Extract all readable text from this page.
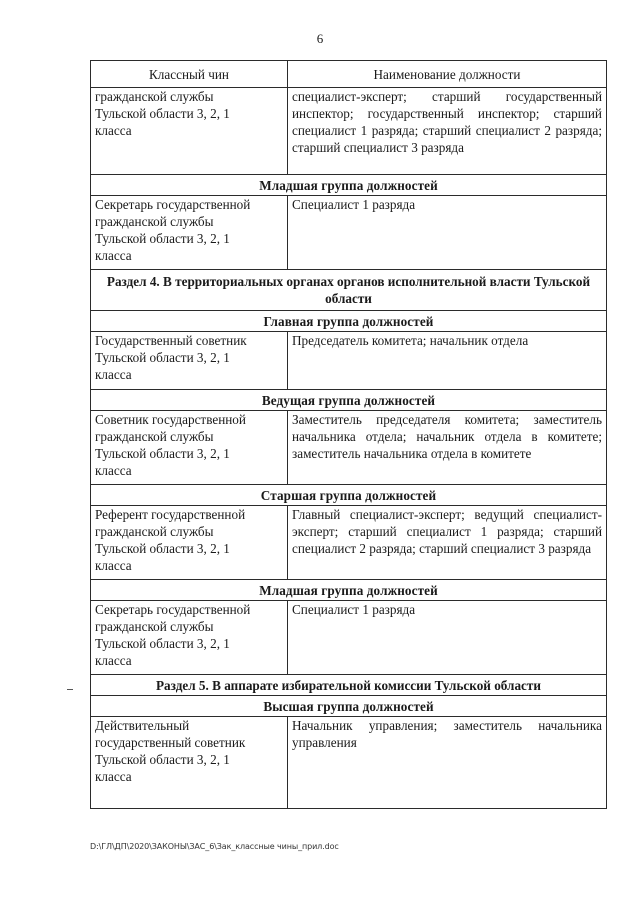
6
Классный чин	Наименование должности

гражданской службы
Тульской области 3, 2, 1
класса	специалист-эксперт; старший государственный инспектор; государственный инспектор; старший специалист 1 разряда; старший специалист 2 разряда; старший специалист 3 разряда
Младшая группа должностей	

Секретарь государственной
гражданской службы
Тульской области 3, 2, 1
класса	Специалист 1 разряда
Раздел 4. В территориальных органах органов исполнительной власти Тульской области	
Главная группа должностей	

Государственный советник
Тульской области 3, 2, 1
класса	Председатель комитета; начальник отдела
Ведущая группа должностей	

Советник государственной
гражданской службы
Тульской области 3, 2, 1
класса	Заместитель председателя комитета; заместитель начальника отдела; начальник отдела в комитете; заместитель начальника отдела в комитете
Старшая группа должностей	

Референт государственной
гражданской службы
Тульской области 3, 2, 1
класса	Главный специалист-эксперт; ведущий специалист-эксперт; старший специалист 1 разряда; старший специалист 2 разряда; старший специалист 3 разряда
Младшая группа должностей	

Секретарь государственной
гражданской службы
Тульской области 3, 2, 1
класса	Специалист 1 разряда
Раздел 5. В аппарате избирательной комиссии Тульской области	
Высшая группа должностей	

Действительный
государственный советник
Тульской области 3, 2, 1
класса	Начальник управления; заместитель начальника управления
D:\ГЛ\ДП\2020\ЗАКОНЫ\ЗАС_6\Зак_классные чины_прил.doc
